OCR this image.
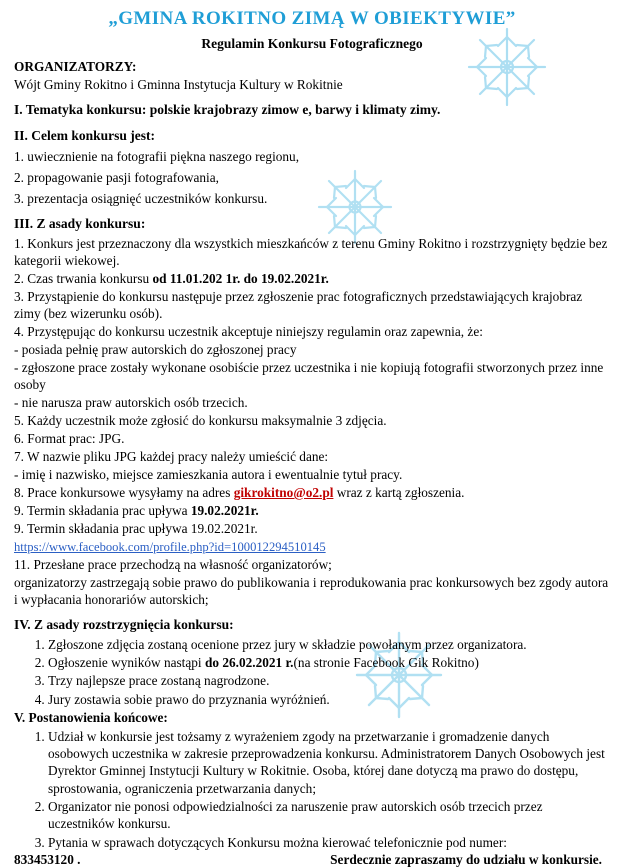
„GMINA ROKITNO ZIMĄ W OBIEKTYWIE”
Regulamin Konkursu Fotograficznego

ORGANIZATORZY:

Wójt Gminy Rokitno i Gminna Instytucja Kultury w Rokitnie

I. Tematyka konkursu: polskie krajobrazy zimow e, barwy i klimaty zimy.

II. Celem konkursu jest:

1. uwiecznienie na fotografii piękna naszego regionu,

2. propagowanie pasji fotografowania,

3. prezentacja osiągnięć uczestników konkursu.

III. Z asady konkursu:

1. Konkurs jest przeznaczony dla wszystkich mieszkańców z terenu Gminy Rokitno i rozstrzygnięty będzie bez kategorii wiekowej.

2. Czas trwania konkursu od 11.01.202 1r. do 19.02.2021r.

3. Przystąpienie do konkursu następuje przez zgłoszenie prac fotograficznych przedstawiających krajobraz zimy (bez wizerunku osób).

4. Przystępując do konkursu uczestnik akceptuje niniejszy regulamin oraz zapewnia, że:

- posiada pełnię praw autorskich do zgłoszonej pracy

- zgłoszone prace zostały wykonane osobiście przez uczestnika i nie kopiują fotografii stworzonych przez inne osoby

- nie narusza praw autorskich osób trzecich.

5. Każdy uczestnik może zgłosić do konkursu maksymalnie 3 zdjęcia.

6. Format prac: JPG.

7. W nazwie pliku JPG każdej pracy należy umieścić dane:

- imię i nazwisko, miejsce zamieszkania autora i ewentualnie tytuł pracy.

8. Prace konkursowe wysyłamy na adres gikrokitno@o2.pl wraz z kartą zgłoszenia.

9. Termin składania prac upływa 19.02.2021r.

9. Termin składania prac upływa 19.02.2021r.

https://www.facebook.com/profile.php?id=100012294510145

11. Przesłane prace przechodzą na własność organizatorów;

organizatorzy zastrzegają sobie prawo do publikowania i reprodukowania prac konkursowych bez zgody autora i wypłacania honorariów autorskich;

IV. Z asady rozstrzygnięcia konkursu:

1. Zgłoszone zdjęcia zostaną ocenione przez jury w składzie powołanym przez organizatora.
2. Ogłoszenie wyników nastąpi do 26.02.2021 r.(na stronie Facebook Gik Rokitno)
3. Trzy najlepsze prace zostaną nagrodzone.
4. Jury zostawia sobie prawo do przyznania wyróżnień.

V. Postanowienia końcowe:

1. Udział w konkursie jest tożsamy z wyrażeniem zgody na przetwarzanie i gromadzenie danych osobowych uczestnika w zakresie przeprowadzenia konkursu. Administratorem Danych Osobowych jest Dyrektor Gminnej Instytucji Kultury w Rokitnie. Osoba, której dane dotyczą ma prawo do dostępu, sprostowania, ograniczenia przetwarzania danych;
2. Organizator nie ponosi odpowiedzialności za naruszenie praw autorskich osób trzecich przez uczestników konkursu.
3. Pytania w sprawach dotyczących Konkursu można kierować telefonicznie pod numer:
833453120 .	Serdecznie zapraszamy do udziału w konkursie.
